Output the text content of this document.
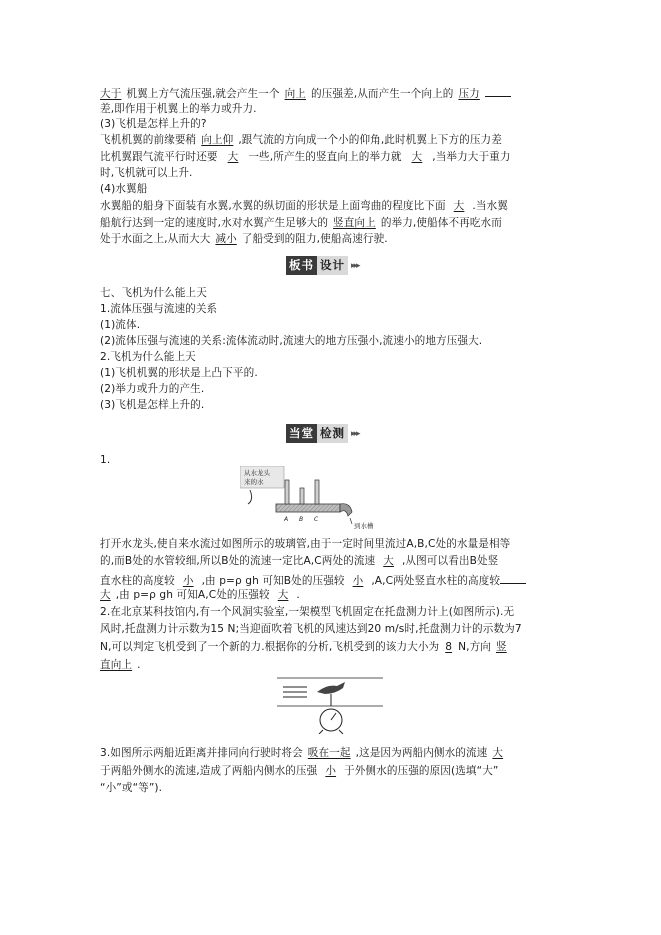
大于 机翼上方气流压强,就会产生一个 向上 的压强差,从而产生一个向上的 压力
差,即作用于机翼上的举力或升力.
(3)飞机是怎样上升的?
飞机机翼的前缘要稍 向上仰 ,跟气流的方向成一个小的仰角,此时机翼上下方的压力差
比机翼跟气流平行时还要 大 一些,所产生的竖直向上的举力就 大 ,当举力大于重力
时,飞机就可以上升.
(4)水翼船
水翼船的船身下面装有水翼,水翼的纵切面的形状是上面弯曲的程度比下面 大 .当水翼
船航行达到一定的速度时,水对水翼产生足够大的 竖直向上 的举力,使船体不再吃水而
处于水面之上,从而大大 减小 了船受到的阻力,使船高速行驶.
板书 设计 ▸▸▸
七、飞机为什么能上天
1.流体压强与流速的关系
(1)流体.
(2)流体压强与流速的关系:流体流动时,流速大的地方压强小,流速小的地方压强大.
2.飞机为什么能上天
(1)飞机机翼的形状是上凸下平的.
(2)举力或升力的产生.
(3)飞机是怎样上升的.
当堂 检测 ▸▸▸
1.
从水龙头
来的水
A B C
到水槽
打开水龙头,使自来水流过如图所示的玻璃管,由于一定时间里流过A,B,C处的水量是相等
的,而B处的水管较细,所以B处的流速一定比A,C两处的流速 大 ,从图可以看出B处竖
直水柱的高度较 小 ,由 p=ρ gh 可知B处的压强较 小 ,A,C两处竖直水柱的高度较
大 ,由 p=ρ gh 可知A,C处的压强较 大 .
2.在北京某科技馆内,有一个风洞实验室,一架模型飞机固定在托盘测力计上(如图所示).无
风时,托盘测力计示数为15 N;当迎面吹着飞机的风速达到20 m/s时,托盘测力计的示数为7
N,可以判定飞机受到了一个新的力.根据你的分析,飞机受到的该力大小为 8 N,方向 竖
直向上 .
3.如图所示两船近距离并排同向行驶时将会 吸在一起 ,这是因为两船内侧水的流速 大
于两船外侧水的流速,造成了两船内侧水的压强 小 于外侧水的压强的原因(选填“大”
“小”或“等”).
